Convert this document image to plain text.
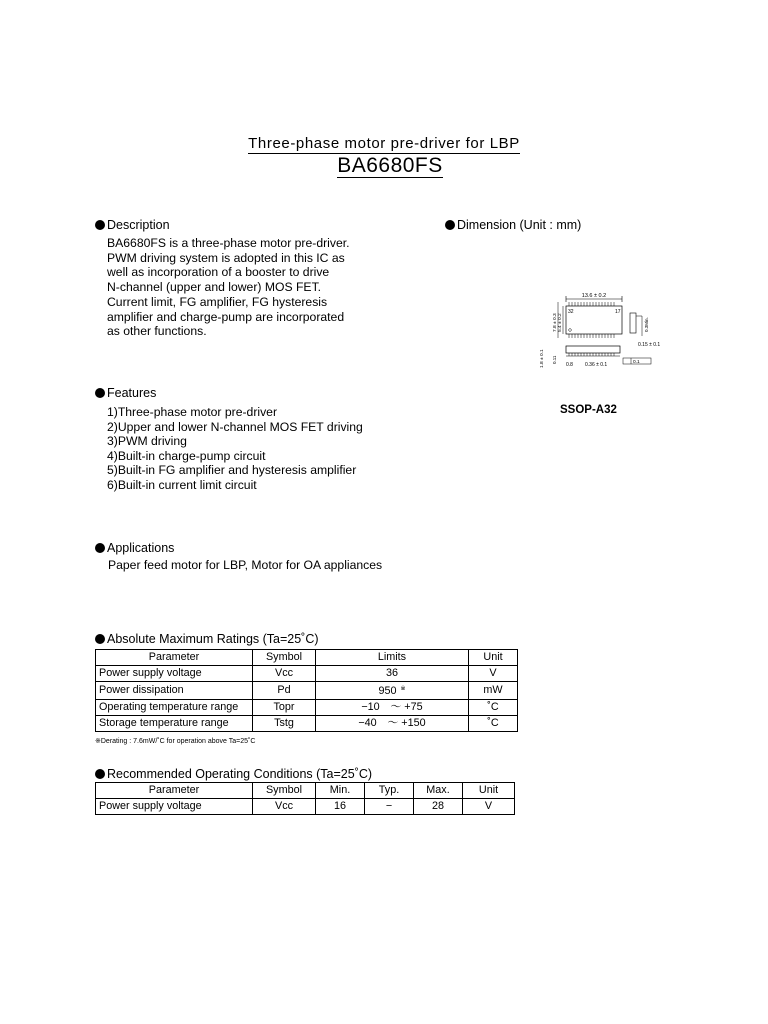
Three-phase motor pre-driver for LBP
BA6680FS
Description
BA6680FS is a three-phase motor pre-driver.
PWM driving system is adopted in this IC as
well as incorporation of a booster to drive
N-channel (upper and lower) MOS FET.
Current limit, FG amplifier, FG hysteresis
amplifier and charge-pump are incorporated
as other functions.
Dimension (Unit : mm)
13.6 ± 0.2
32	17
7.8 ± 0.3 5.4 ± 0.2
1.8 ± 0.1 0.11
0.8 0.36 ± 0.1	0.1
0.3Min.
0.15 ± 0.1
SSOP-A32
Features
1)Three-phase motor pre-driver
2)Upper and lower N-channel MOS FET driving
3)PWM driving
4)Built-in charge-pump circuit
5)Built-in FG amplifier and hysteresis amplifier
6)Built-in current limit circuit
Applications
Paper feed motor for LBP, Motor for OA appliances
Absolute Maximum Ratings (Ta=25˚C)
Parameter	Symbol	Limits	Unit
Power supply voltage	Vcc	36	V
Power dissipation	Pd	950 ※	mW
Operating temperature range	Topr	−10　～ +75	˚C
Storage temperature range	Tstg	−40　～ +150	˚C
※Derating : 7.6mW/˚C for operation above Ta=25˚C
Recommended Operating Conditions (Ta=25˚C)
Parameter	Symbol	Min.	Typ.	Max.	Unit
Power supply voltage	Vcc	16	−	28	V
